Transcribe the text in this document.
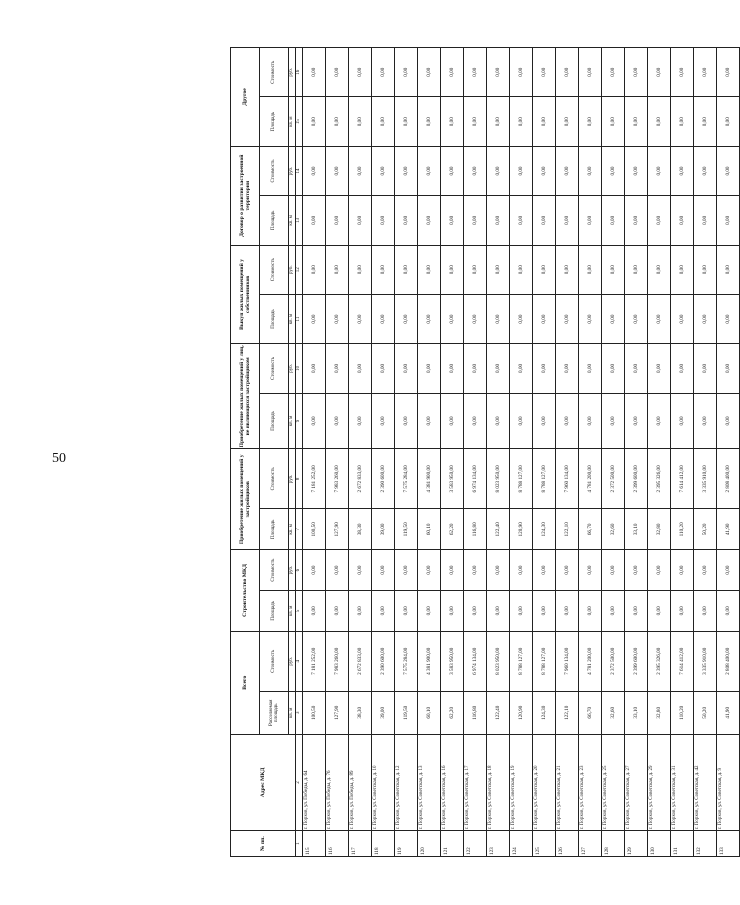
50
№ пп.	Адрес МКД	Всего		Строительство МКД		Приобретение жилых помещений у застройщиков		Приобретение жилых помещений у лиц, не являющихся застройщиком		Выкуп жилых помещений у собственников		Договор о развитии застроенной территории		Другое	
		Расселяемая площадь	Стоимость	Площадь	Стоимость	Площадь	Стоимость	Площадь	Стоимость	Площадь	Стоимость	Площадь	Стоимость	Площадь	Стоимость
		кв. м	руб.	кв. м	руб.	кв. м	руб.	кв. м	руб.	кв. м	руб.	кв. м	руб.	кв. м	руб.
1	2	3	4	5	6	7	8	9	10	11	12	13	14	15	16
115	г. Порхов, ул. Победы, д. 64	100,50	7 181 252,00	0,00	0,00	100,50	7 181 252,00	0,00	0,00	0,00	0,00	0,00	0,00	0,00	0,00
116	г. Порхов, ул. Победы, д. 76	127,90	7 983 260,00	0,00	0,00	127,90	7 983 260,00	0,00	0,00	0,00	0,00	0,00	0,00	0,00	0,00
117	г. Порхов, ул. Победы, д. 89	38,30	2 672 833,00	0,00	0,00	38,30	2 672 833,00	0,00	0,00	0,00	0,00	0,00	0,00	0,00	0,00
118	г. Порхов, ул. Советская, д. 10	39,00	2 390 600,00	0,00	0,00	39,00	2 390 600,00	0,00	0,00	0,00	0,00	0,00	0,00	0,00	0,00
119	г. Порхов, ул. Советская, д. 12	119,50	7 575 284,00	0,00	0,00	119,50	7 575 284,00	0,00	0,00	0,00	0,00	0,00	0,00	0,00	0,00
120	г. Порхов, ул. Советская, д. 13	60,10	4 381 900,00	0,00	0,00	60,10	4 381 900,00	0,00	0,00	0,00	0,00	0,00	0,00	0,00	0,00
121	г. Порхов, ул. Советская, д. 16	62,20	3 583 950,00	0,00	0,00	62,20	3 583 950,00	0,00	0,00	0,00	0,00	0,00	0,00	0,00	0,00
122	г. Порхов, ул. Советская, д. 17	116,80	6 974 134,00	0,00	0,00	116,80	6 974 134,00	0,00	0,00	0,00	0,00	0,00	0,00	0,00	0,00
123	г. Порхов, ул. Советская, д. 18	122,40	8 023 950,00	0,00	0,00	122,40	8 023 950,00	0,00	0,00	0,00	0,00	0,00	0,00	0,00	0,00
124	г. Порхов, ул. Советская, д. 19	120,90	8 788 127,00	0,00	0,00	120,90	8 788 127,00	0,00	0,00	0,00	0,00	0,00	0,00	0,00	0,00
125	г. Порхов, ул. Советская, д. 20	124,30	8 788 127,00	0,00	0,00	124,30	8 788 127,00	0,00	0,00	0,00	0,00	0,00	0,00	0,00	0,00
126	г. Порхов, ул. Советская, д. 21	122,10	7 960 134,00	0,00	0,00	122,10	7 960 134,00	0,00	0,00	0,00	0,00	0,00	0,00	0,00	0,00
127	г. Порхов, ул. Советская, д. 23	66,70	4 781 200,00	0,00	0,00	66,70	4 781 200,00	0,00	0,00	0,00	0,00	0,00	0,00	0,00	0,00
128	г. Порхов, ул. Советская, д. 25	32,60	2 372 500,00	0,00	0,00	32,60	2 372 500,00	0,00	0,00	0,00	0,00	0,00	0,00	0,00	0,00
129	г. Порхов, ул. Советская, д. 27	33,10	2 399 600,00	0,00	0,00	33,10	2 399 600,00	0,00	0,00	0,00	0,00	0,00	0,00	0,00	0,00
130	г. Порхов, ул. Советская, д. 29	32,80	2 395 326,00	0,00	0,00	32,80	2 395 326,00	0,00	0,00	0,00	0,00	0,00	0,00	0,00	0,00
131	г. Порхов, ул. Советская, д. 31	110,20	7 614 412,00	0,00	0,00	110,20	7 614 412,00	0,00	0,00	0,00	0,00	0,00	0,00	0,00	0,00
132	г. Порхов, ул. Советская, д. 42	50,20	3 335 910,00	0,00	0,00	50,20	3 335 910,00	0,00	0,00	0,00	0,00	0,00	0,00	0,00	0,00
133	г. Порхов, ул. Советская, д. 9	41,90	2 808 400,00	0,00	0,00	41,90	2 808 400,00	0,00	0,00	0,00	0,00	0,00	0,00	0,00	0,00
